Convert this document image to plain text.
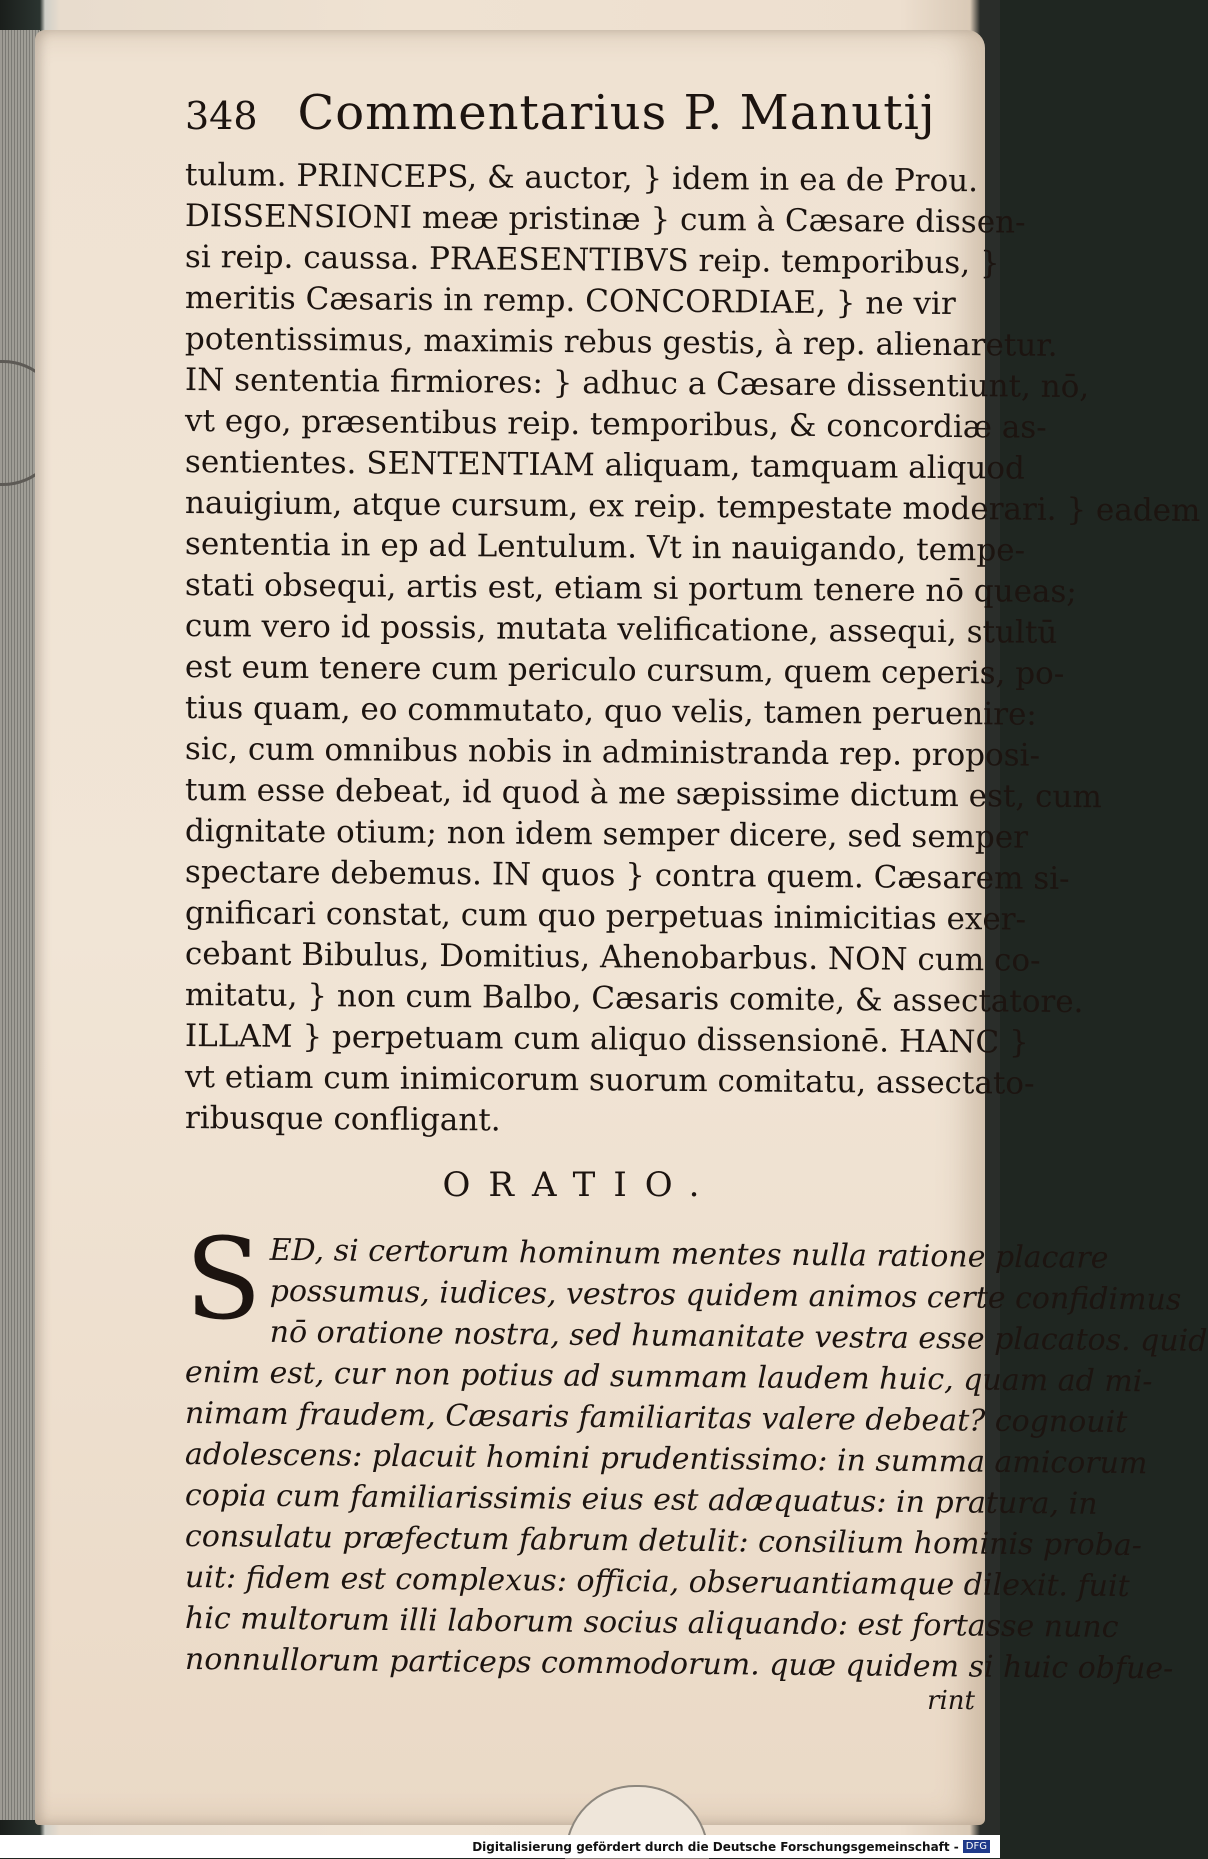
348 Commentarius P. Manutij
tulum. PRINCEPS, & auctor, } idem in ea de Prou.
DISSENSIONI meæ pristinæ } cum à Cæsare dissen-
si reip. caussa. PRAESENTIBVS reip. temporibus, }
meritis Cæsaris in remp. CONCORDIAE, } ne vir
potentissimus, maximis rebus gestis, à rep. alienaretur.
IN sententia firmiores: } adhuc a Cæsare dissentiunt, nō,
vt ego, præsentibus reip. temporibus, & concordiæ as-
sentientes. SENTENTIAM aliquam, tamquam aliquod
nauigium, atque cursum, ex reip. tempestate moderari. } eadem
sententia in ep ad Lentulum. Vt in nauigando, tempe-
stati obsequi, artis est, etiam si portum tenere nō queas;
cum vero id possis, mutata velificatione, assequi, stultū
est eum tenere cum periculo cursum, quem ceperis, po-
tius quam, eo commutato, quo velis, tamen peruenire:
sic, cum omnibus nobis in administranda rep. proposi-
tum esse debeat, id quod à me sæpissime dictum est, cum
dignitate otium; non idem semper dicere, sed semper
spectare debemus. IN quos } contra quem. Cæsarem si-
gnificari constat, cum quo perpetuas inimicitias exer-
cebant Bibulus, Domitius, Ahenobarbus. NON cum co-
mitatu, } non cum Balbo, Cæsaris comite, & assectatore.
ILLAM } perpetuam cum aliquo dissensionē. HANC }
vt etiam cum inimicorum suorum comitatu, assectato-
ribusque confligant.
ORATIO.
S ED, si certorum hominum mentes nulla ratione placare
possumus, iudices, vestros quidem animos certe confidimus
nō oratione nostra, sed humanitate vestra esse placatos. quid
enim est, cur non potius ad summam laudem huic, quam ad mi-
nimam fraudem, Cæsaris familiaritas valere debeat? cognouit
adolescens: placuit homini prudentissimo: in summa amicorum
copia cum familiarissimis eius est adæquatus: in pratura, in
consulatu præfectum fabrum detulit: consilium hominis proba-
uit: fidem est complexus: officia, obseruantiamque dilexit. fuit
hic multorum illi laborum socius aliquando: est fortasse nunc
nonnullorum particeps commodorum. quæ quidem si huic obfue-
rint
Digitalisierung gefördert durch die Deutsche Forschungsgemeinschaft - DFG
